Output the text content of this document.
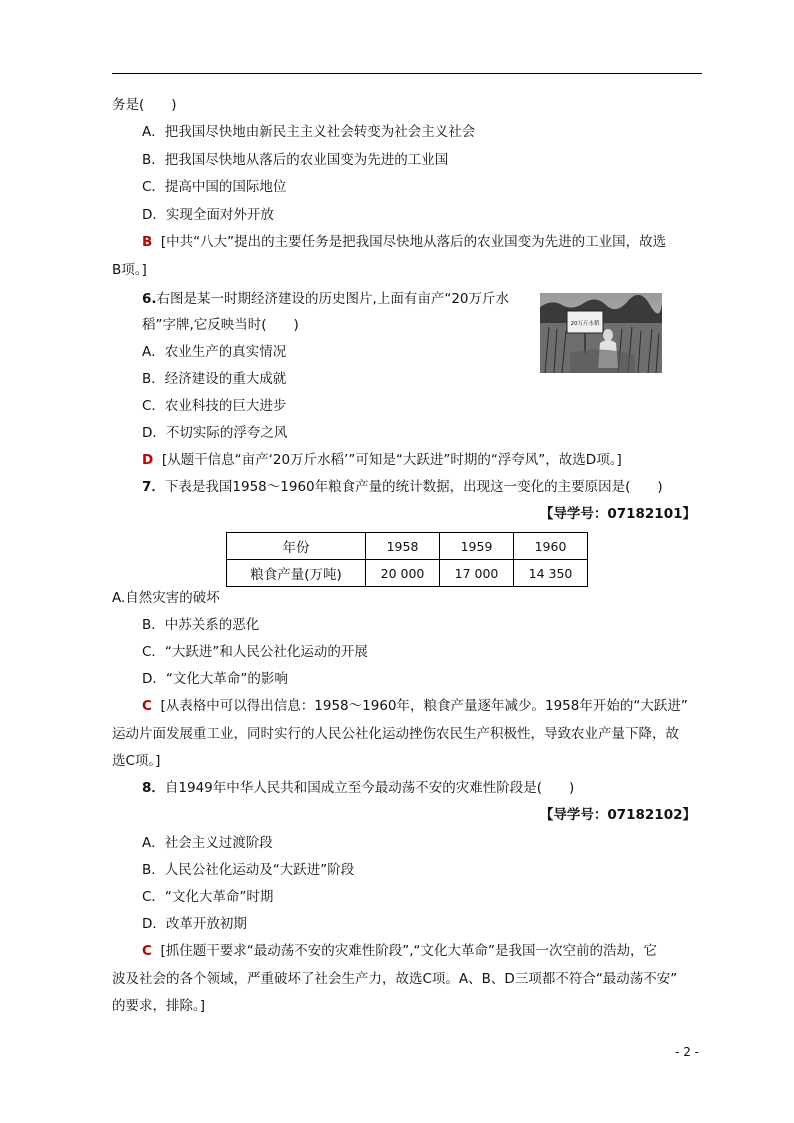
务是(　　)
A．把我国尽快地由新民主主义社会转变为社会主义社会
B．把我国尽快地从落后的农业国变为先进的工业国
C．提高中国的国际地位
D．实现全面对外开放
B [中共“八大”提出的主要任务是把我国尽快地从落后的农业国变为先进的工业国，故选
B项。]
6.右图是某一时期经济建设的历史图片,上面有亩产“20万斤水
稻”字牌,它反映当时(　　)	20万斤水稻
A．农业生产的真实情况
B．经济建设的重大成就
C．农业科技的巨大进步
D．不切实际的浮夸之风
D [从题干信息“亩产‘20万斤水稻’”可知是“大跃进”时期的“浮夸风”，故选D项。]
7．下表是我国1958～1960年粮食产量的统计数据，出现这一变化的主要原因是(　　)
【导学号：07182101】
年份	1958	1959	1960
粮食产量(万吨)	20 000	17 000	14 350
A.自然灾害的破坏
B．中苏关系的恶化
C．“大跃进”和人民公社化运动的开展
D．“文化大革命”的影响
C [从表格中可以得出信息：1958～1960年，粮食产量逐年减少。1958年开始的“大跃进”
运动片面发展重工业，同时实行的人民公社化运动挫伤农民生产积极性，导致农业产量下降，故
选C项。]
8．自1949年中华人民共和国成立至今最动荡不安的灾难性阶段是(　　)
【导学号：07182102】
A．社会主义过渡阶段
B．人民公社化运动及“大跃进”阶段
C．“文化大革命”时期
D．改革开放初期
C [抓住题干要求“最动荡不安的灾难性阶段”,“文化大革命”是我国一次空前的浩劫，它
波及社会的各个领域，严重破坏了社会生产力，故选C项。A、B、D三项都不符合“最动荡不安”
的要求，排除。]
- 2 -
